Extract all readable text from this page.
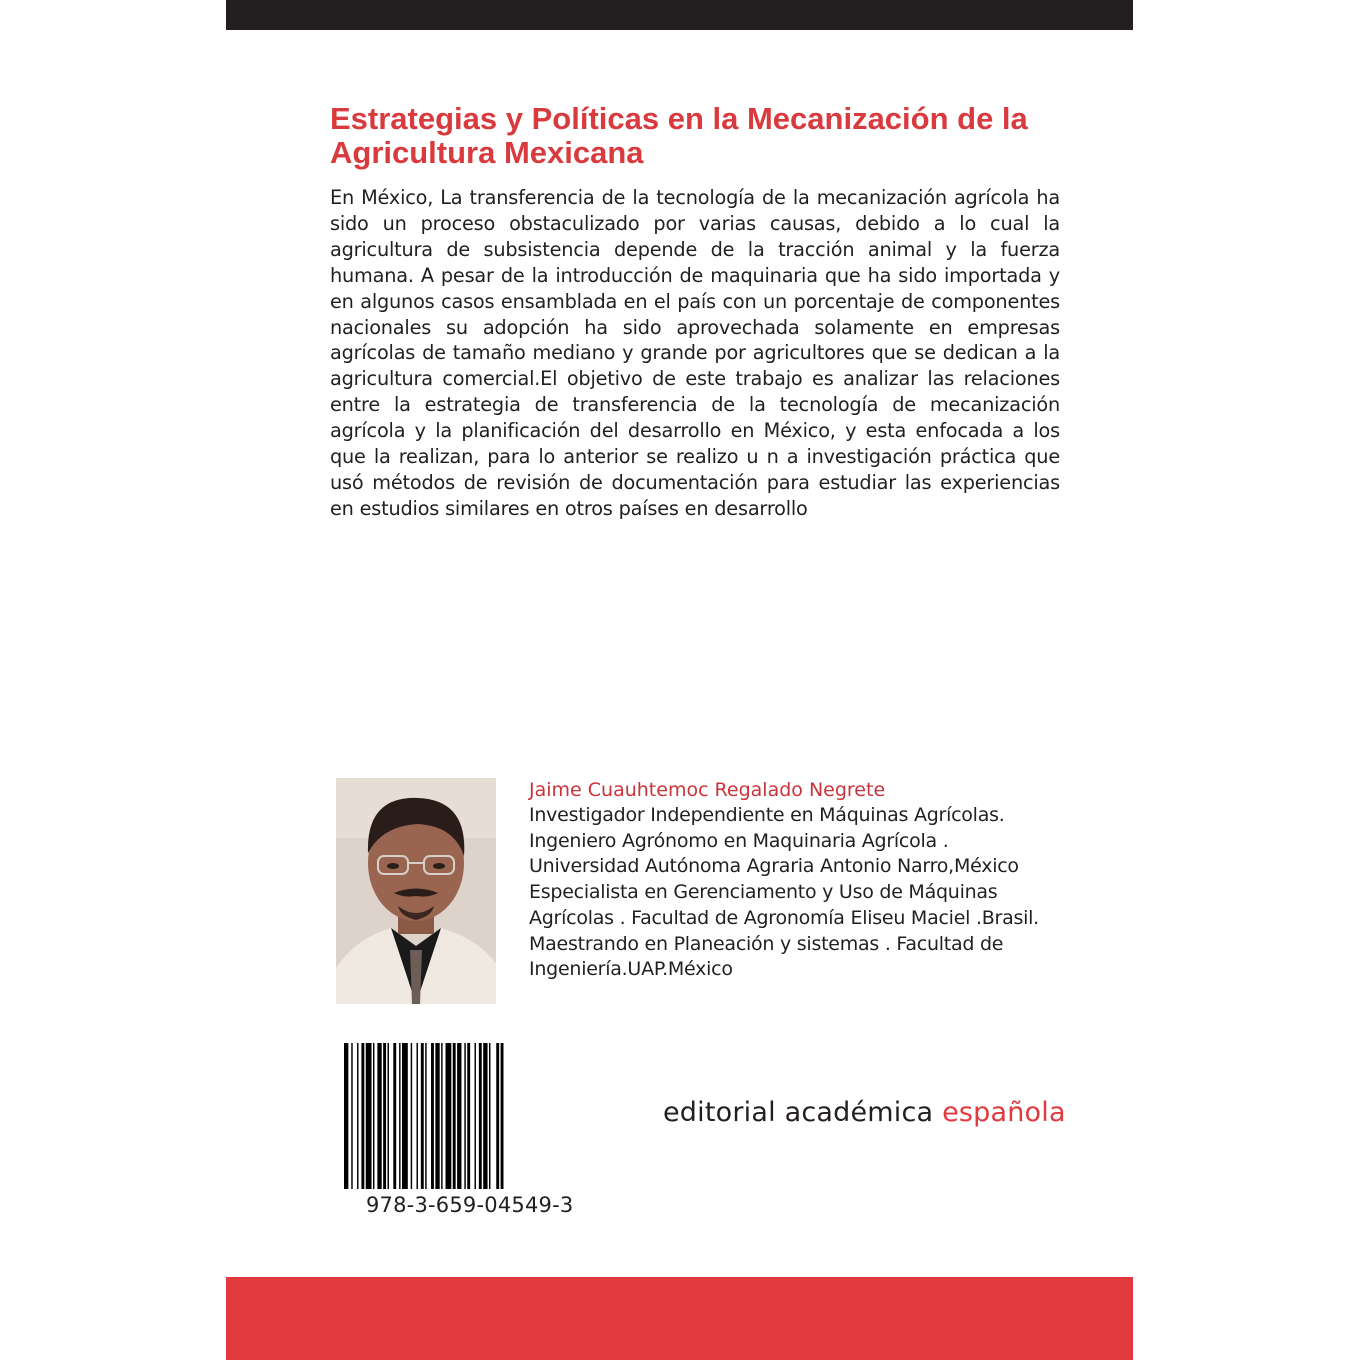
Estrategias y Políticas en la Mecanización de la Agricultura Mexicana

En México, La transferencia de la tecnología de la mecanización agrícola ha sido un proceso obstaculizado por varias causas, debido a lo cual la agricultura de subsistencia depende de la tracción animal y la fuerza humana. A pesar de la introducción de maquinaria que ha sido importada y en algunos casos ensamblada en el país con un porcentaje de componentes nacionales su adopción ha sido aprovechada solamente en empresas agrícolas de tamaño mediano y grande por agricultores que se dedican a la agricultura comercial.El objetivo de este trabajo es analizar las relaciones entre la estrategia de transferencia de la tecnología de mecanización agrícola y la planificación del desarrollo en México, y esta enfocada a los que la realizan, para lo anterior se realizo u n a investigación práctica que usó métodos de revisión de documentación para estudiar las experiencias en estudios similares en otros países en desarrollo

Jaime Cuauhtemoc Regalado Negrete

Investigador Independiente en Máquinas Agrícolas. Ingeniero Agrónomo en Maquinaria Agrícola . Universidad Autónoma Agraria Antonio Narro,México Especialista en Gerenciamento y Uso de Máquinas Agrícolas . Facultad de Agronomía Eliseu Maciel .Brasil. Maestrando en Planeación y sistemas . Facultad de Ingeniería.UAP.México

978-3-659-04549-3
editorial académica española
